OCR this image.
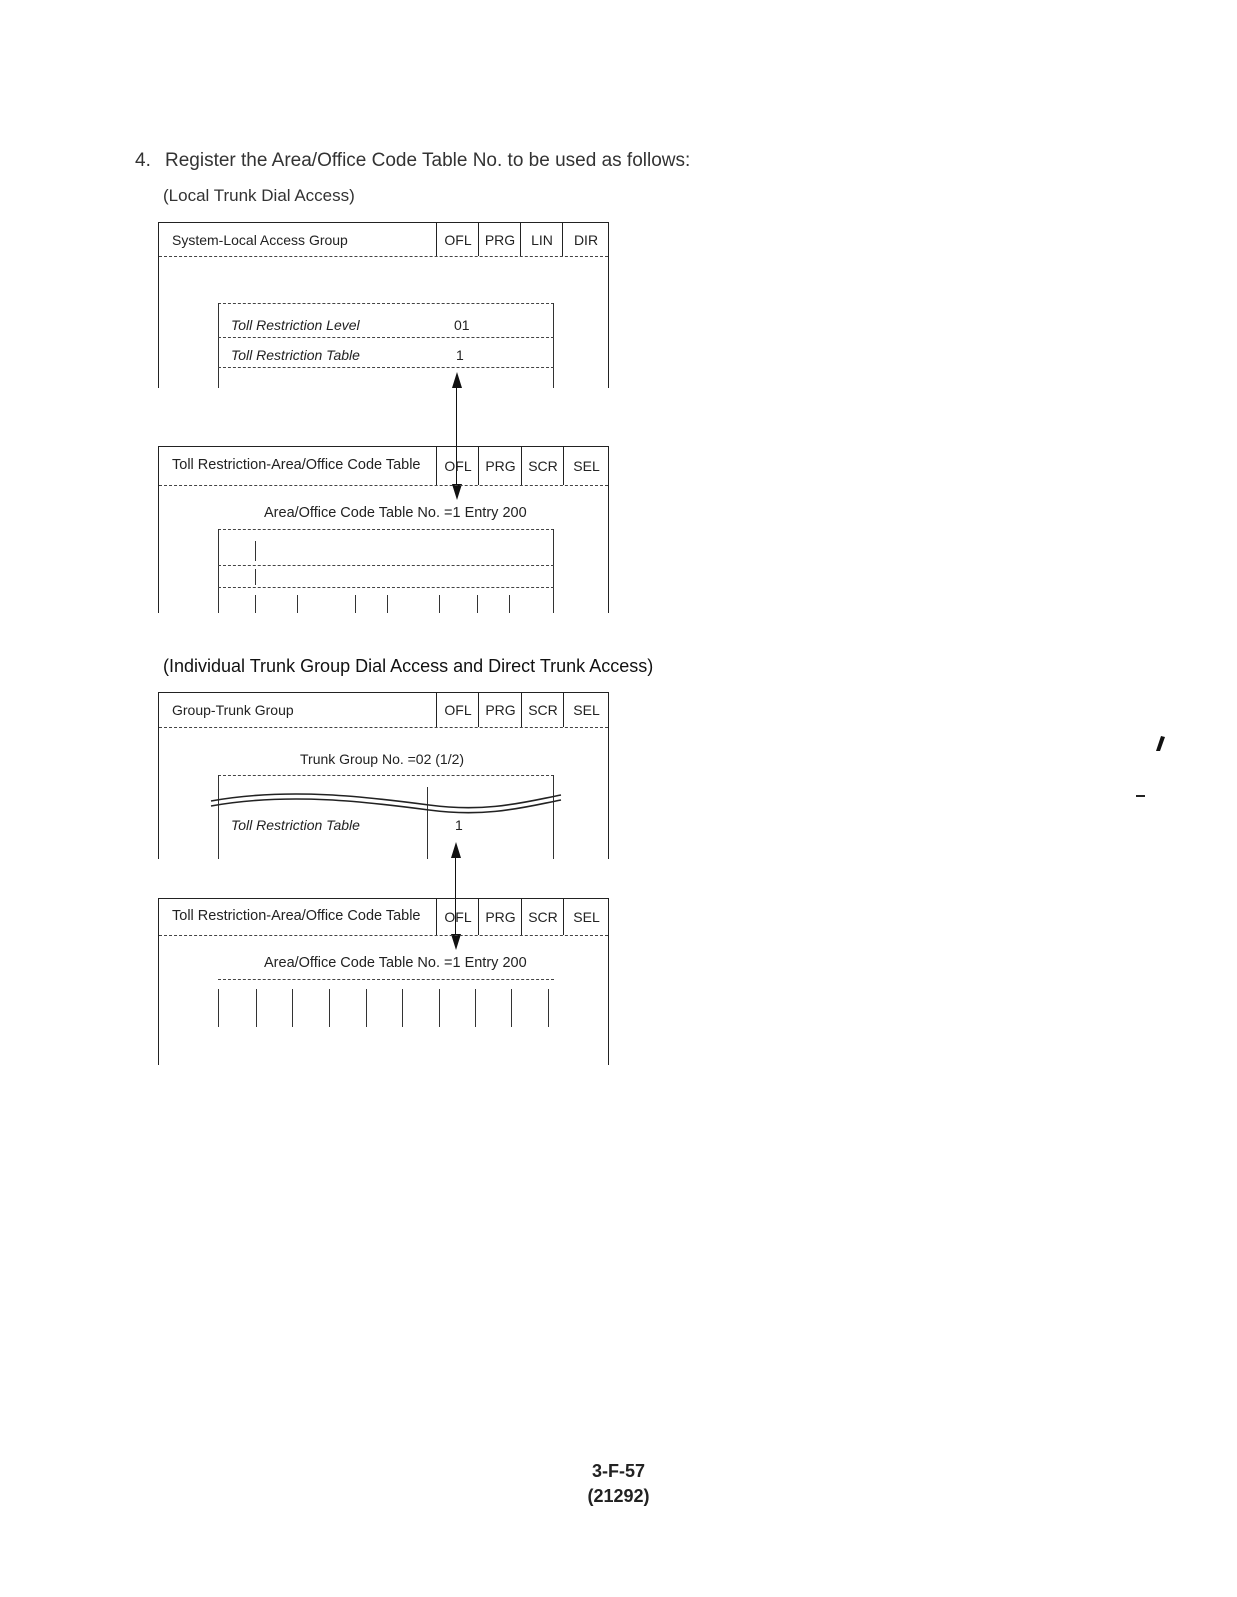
4. Register the Area/Office Code Table No. to be used as follows:
(Local Trunk Dial Access)
System-Local Access Group	OFL PRG	LIN	DIR
Toll Restriction Level	01
Toll Restriction Table	1
Toll Restriction-Area/Office Code Table	OFL PRG SCR	SEL
Area/Office Code Table No. =1 Entry 200
(Individual Trunk Group Dial Access and Direct Trunk Access)
Group-Trunk Group	OFL PRG SCR	SEL
Trunk Group No. =02 (1/2)
Toll Restriction Table	1
Toll Restriction-Area/Office Code Table	OFL PRG SCR	SEL
Area/Office Code Table No. =1 Entry 200
3-F-57
(21292)
